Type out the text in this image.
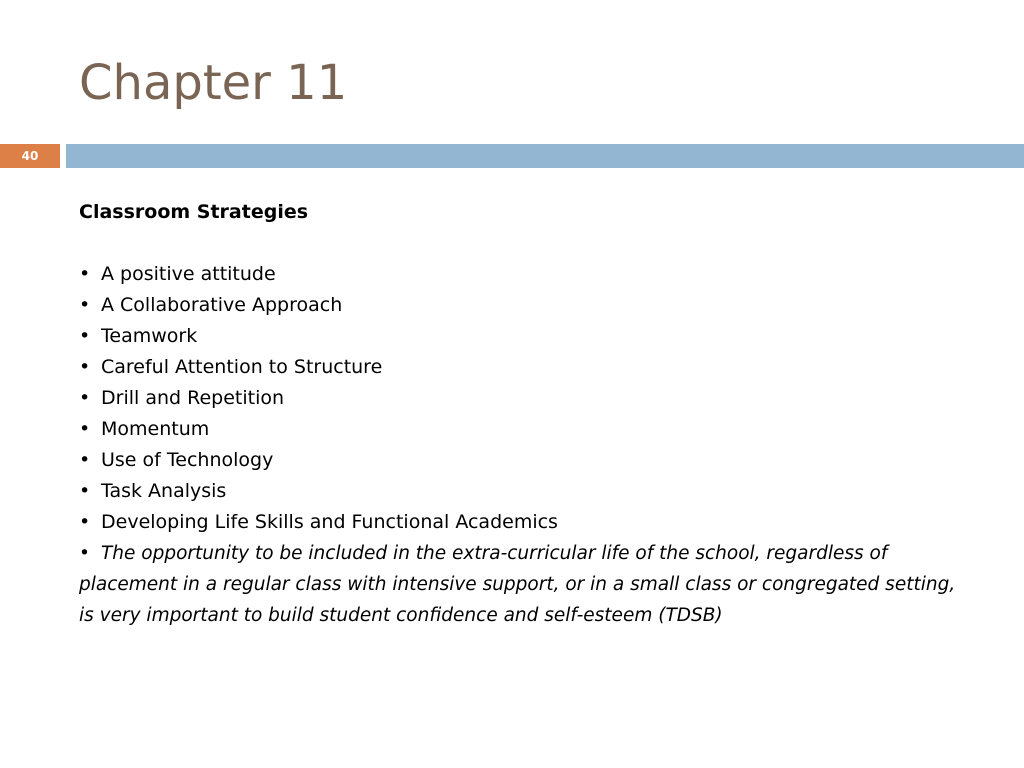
Chapter 11
40

Classroom Strategies

• A positive attitude
• A Collaborative Approach
• Teamwork
• Careful Attention to Structure
• Drill and Repetition
• Momentum
• Use of Technology
• Task Analysis
• Developing Life Skills and Functional Academics

• The opportunity to be included in the extra-curricular life of the school, regardless of placement in a regular class with intensive support, or in a small class or congregated setting, is very important to build student confidence and self-esteem (TDSB)
